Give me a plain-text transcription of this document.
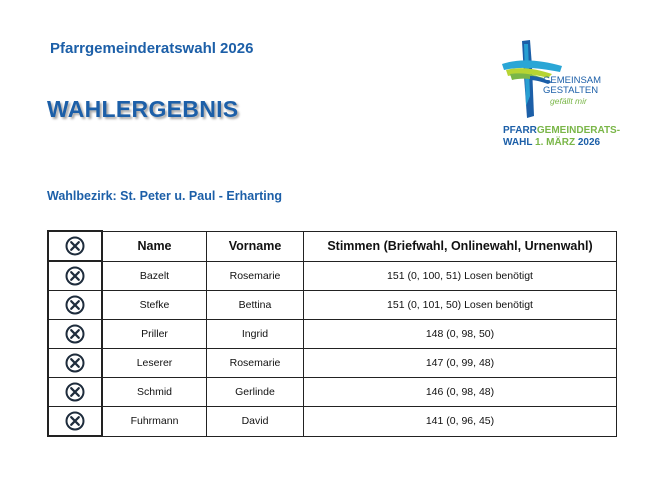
Pfarrgemeinderatswahl 2026
WAHLERGEBNIS
Wahlbezirk: St. Peter u. Paul - Erharting
GEMEINSAM
GESTALTEN
gefällt mir
PFARRGEMEINDERATS-
WAHL 1. MÄRZ 2026
	Name	Vorname	Stimmen (Briefwahl, Onlinewahl, Urnenwahl)
	Bazelt	Rosemarie	151 (0, 100, 51) Losen benötigt
	Stefke	Bettina	151 (0, 101, 50) Losen benötigt
	Priller	Ingrid	148 (0, 98, 50)
	Leserer	Rosemarie	147 (0, 99, 48)
	Schmid	Gerlinde	146 (0, 98, 48)
	Fuhrmann	David	141 (0, 96, 45)
